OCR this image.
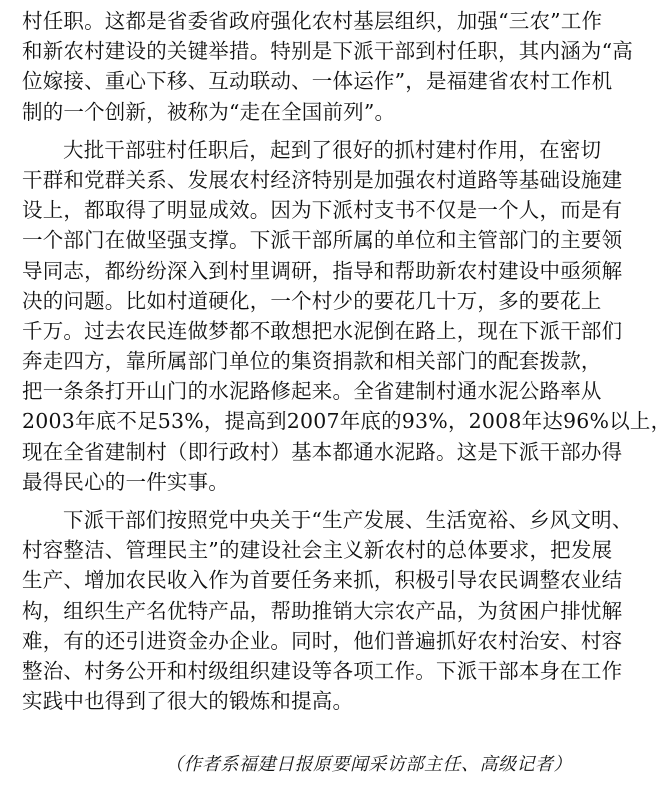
村任职。这都是省委省政府强化农村基层组织，加强“三农”工作
和新农村建设的关键举措。特别是下派干部到村任职，其内涵为“高
位嫁接、重心下移、互动联动、一体运作”，是福建省农村工作机
制的一个创新，被称为“走在全国前列”。
大批干部驻村任职后，起到了很好的抓村建村作用，在密切
干群和党群关系、发展农村经济特别是加强农村道路等基础设施建
设上，都取得了明显成效。因为下派村支书不仅是一个人，而是有
一个部门在做坚强支撑。下派干部所属的单位和主管部门的主要领
导同志，都纷纷深入到村里调研，指导和帮助新农村建设中亟须解
决的问题。比如村道硬化，一个村少的要花几十万，多的要花上
千万。过去农民连做梦都不敢想把水泥倒在路上，现在下派干部们
奔走四方，靠所属部门单位的集资捐款和相关部门的配套拨款，
把一条条打开山门的水泥路修起来。全省建制村通水泥公路率从
2003年底不足53%，提高到2007年底的93%，2008年达96%以上，
现在全省建制村（即行政村）基本都通水泥路。这是下派干部办得
最得民心的一件实事。
下派干部们按照党中央关于“生产发展、生活宽裕、乡风文明、
村容整洁、管理民主”的建设社会主义新农村的总体要求，把发展
生产、增加农民收入作为首要任务来抓，积极引导农民调整农业结
构，组织生产名优特产品，帮助推销大宗农产品，为贫困户排忧解
难，有的还引进资金办企业。同时，他们普遍抓好农村治安、村容
整治、村务公开和村级组织建设等各项工作。下派干部本身在工作
实践中也得到了很大的锻炼和提高。
（作者系福建日报原要闻采访部主任、高级记者）
